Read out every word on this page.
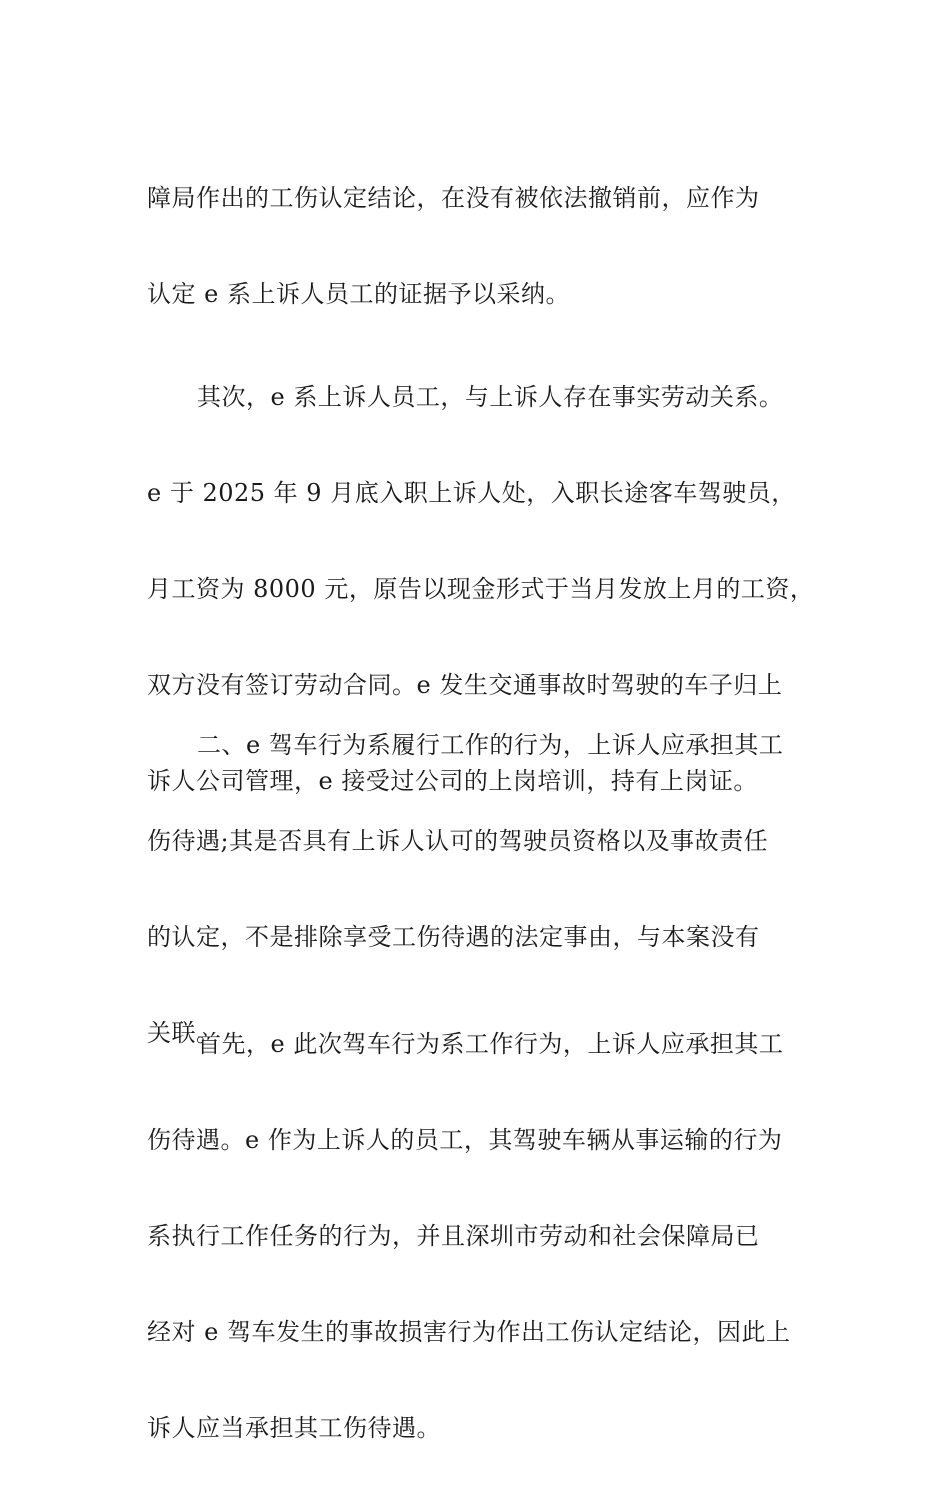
障局作出的工伤认定结论，在没有被依法撤销前，应作为

认定 e 系上诉人员工的证据予以采纳。

其次，e 系上诉人员工，与上诉人存在事实劳动关系。

e 于 2025 年 9 月底入职上诉人处，入职长途客车驾驶员，

月工资为 8000 元，原告以现金形式于当月发放上月的工资，

双方没有签订劳动合同。e 发生交通事故时驾驶的车子归上

诉人公司管理，e 接受过公司的上岗培训，持有上岗证。

二、e 驾车行为系履行工作的行为，上诉人应承担其工

伤待遇;其是否具有上诉人认可的驾驶员资格以及事故责任

的认定，不是排除享受工伤待遇的法定事由，与本案没有

关联。

首先，e 此次驾车行为系工作行为，上诉人应承担其工

伤待遇。e 作为上诉人的员工，其驾驶车辆从事运输的行为

系执行工作任务的行为，并且深圳市劳动和社会保障局已

经对 e 驾车发生的事故损害行为作出工伤认定结论，因此上

诉人应当承担其工伤待遇。
